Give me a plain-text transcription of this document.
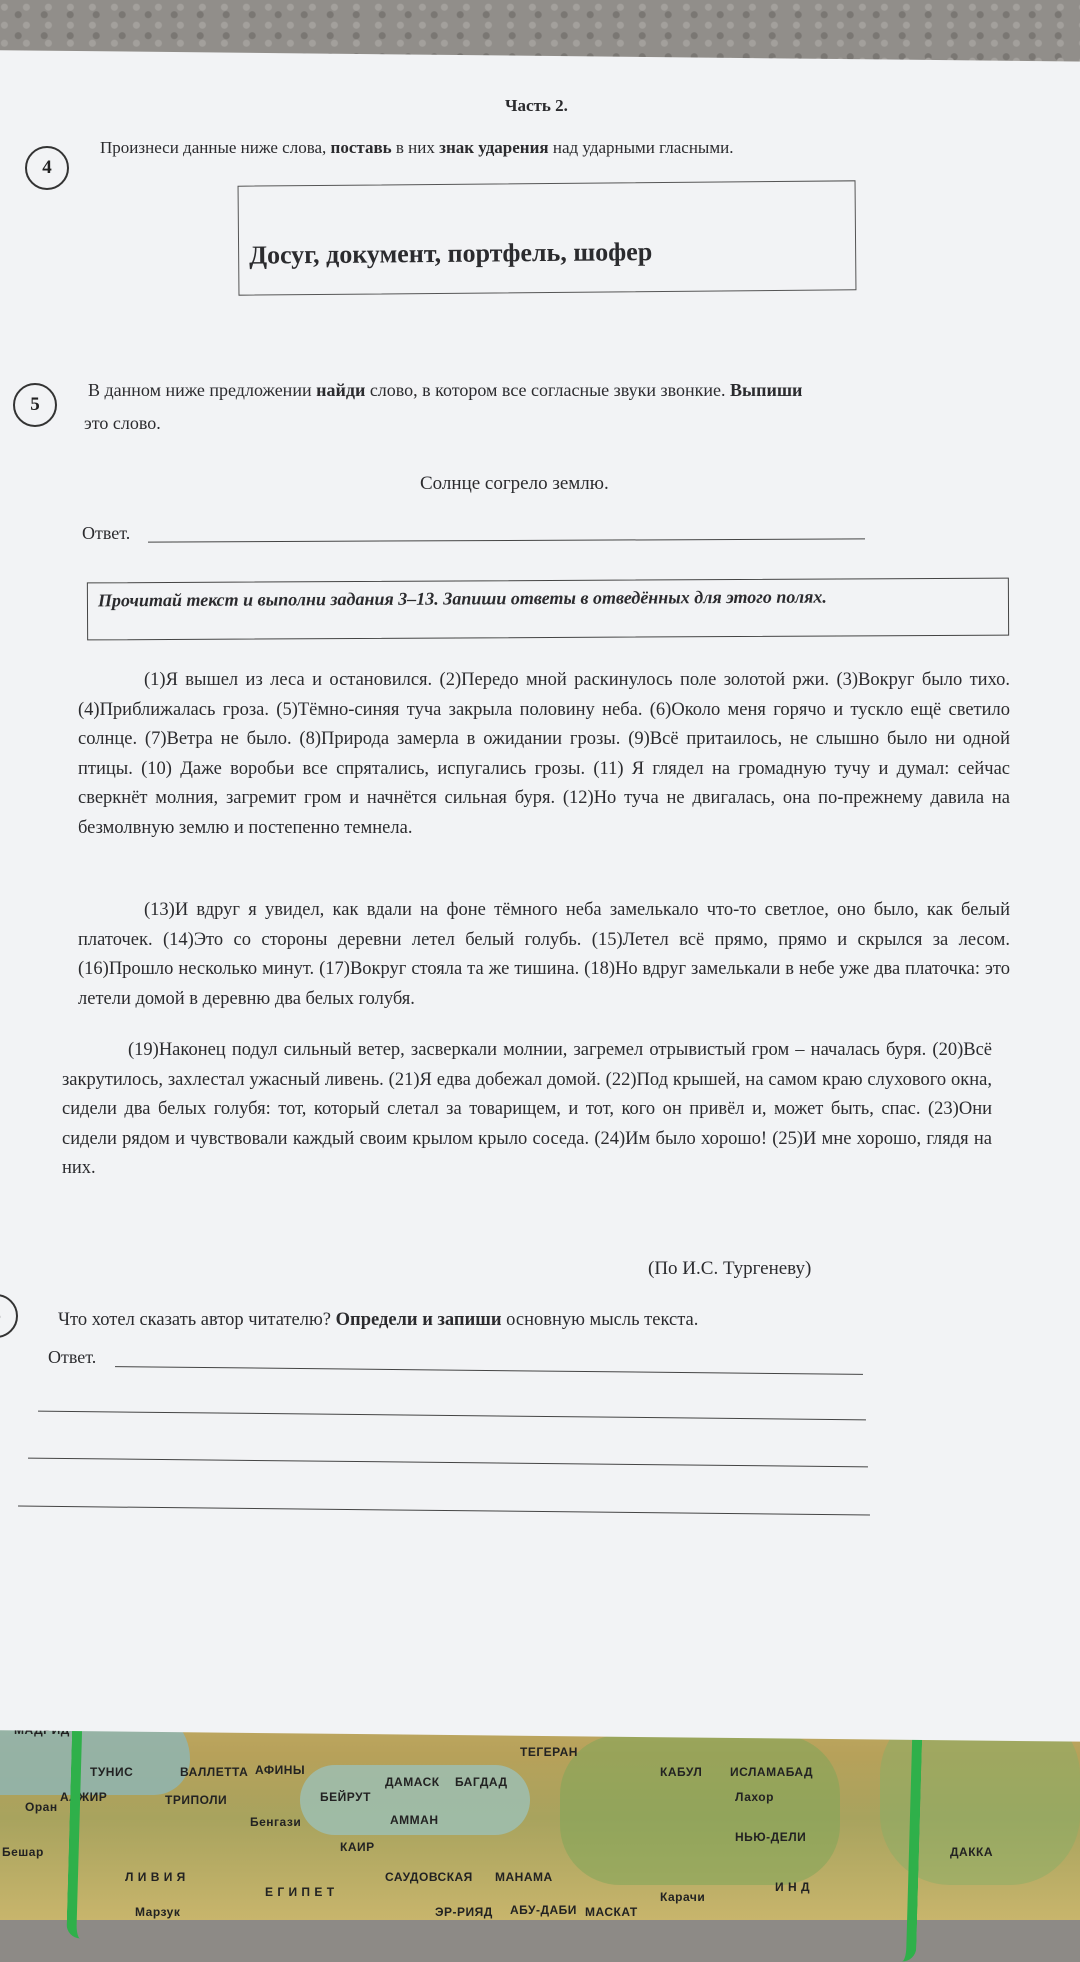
ТУНИС
АЛЖИР
Оран
Бешар
ТРИПОЛИ
ВАЛЛЕТТА АФИНЫ
ТЕГЕРАН
КАБУЛ ИСЛАМАБАД
БЕЙРУТ
ДАМАСК БАГДАД
АММАН
КАИР
САУДОВСКАЯ МАНАМА
ЭР-РИЯД АБУ-ДАБИ МАСКАТ
НЬЮ-ДЕЛИ
Карачи
ДАККА
Марзук
Л И В И Я
Е Г И П Е Т	И Н Д
Лахор
Бенгази
Часть 2.
4
Произнеси данные ниже слова, поставь в них знак ударения над ударными гласными.
Досуг, документ, портфель, шофер
5
В данном ниже предложении найди слово, в котором все согласные звуки звонкие. Выпиши
это слово.
Солнце согрело землю.
Ответ.
Прочитай текст и выполни задания 3–13. Запиши ответы в отведённых для этого полях.
(1)Я вышел из леса и остановился. (2)Передо мной раскинулось поле золотой ржи. (3)Вокруг было тихо. (4)Приближалась гроза. (5)Тёмно-синяя туча закрыла половину неба. (6)Около меня горячо и тускло ещё светило солнце. (7)Ветра не было. (8)Природа замерла в ожидании грозы. (9)Всё притаилось, не слышно было ни одной птицы. (10) Даже воробьи все спрятались, испугались грозы. (11) Я глядел на громадную тучу и думал: сейчас сверкнёт молния, загремит гром и начнётся сильная буря. (12)Но туча не двигалась, она по-прежнему давила на безмолвную землю и постепенно темнела.
(13)И вдруг я увидел, как вдали на фоне тёмного неба замелькало что-то светлое, оно было, как белый платочек. (14)Это со стороны деревни летел белый голубь. (15)Летел всё прямо, прямо и скрылся за лесом. (16)Прошло несколько минут. (17)Вокруг стояла та же тишина. (18)Но вдруг замелькали в небе уже два платочка: это летели домой в деревню два белых голубя.
(19)Наконец подул сильный ветер, засверкали молнии, загремел отрывистый гром – началась буря. (20)Всё закрутилось, захлестал ужасный ливень. (21)Я едва добежал домой. (22)Под крышей, на самом краю слухового окна, сидели два белых голубя: тот, который слетал за товарищем, и тот, кого он привёл и, может быть, спас. (23)Они сидели рядом и чувствовали каждый своим крылом крыло соседа. (24)Им было хорошо! (25)И мне хорошо, глядя на них.
(По И.С. Тургеневу)
Что хотел сказать автор читателю? Определи и запиши основную мысль текста.
Ответ.
